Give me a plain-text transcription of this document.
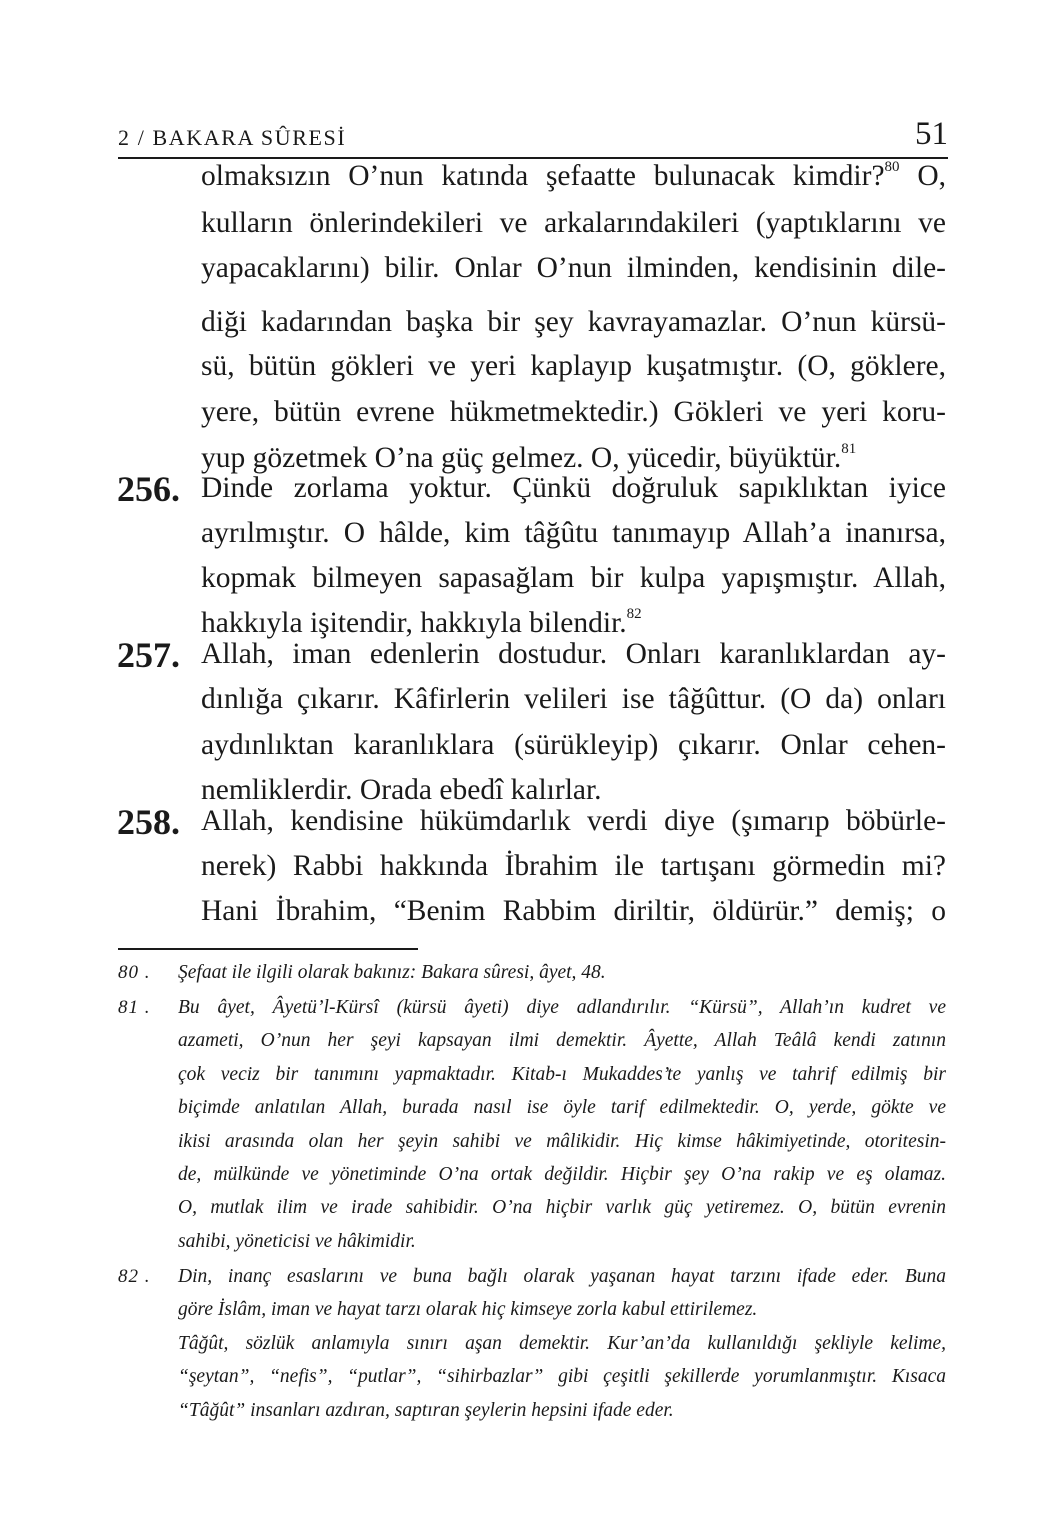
2 / BAKARA SÛRESİ	51
olmaksızın O’nun katında şefaatte bulunacak kimdir?$^{80}$ O,
kulların önlerindekileri ve arkalarındakileri (yaptıklarını ve
yapacaklarını) bilir. Onlar O’nun ilminden, kendisinin dile-
diği kadarından başka bir şey kavrayamazlar. O’nun kürsü-
sü, bütün gökleri ve yeri kaplayıp kuşatmıştır. (O, göklere,
yere, bütün evrene hükmetmektedir.) Gökleri ve yeri koru-
yup gözetmek O’na güç gelmez. O, yücedir, büyüktür.$^{81}$
256. Dinde zorlama yoktur. Çünkü doğruluk sapıklıktan iyice
ayrılmıştır. O hâlde, kim tâğûtu tanımayıp Allah’a inanırsa,
kopmak bilmeyen sapasağlam bir kulpa yapışmıştır. Allah,
hakkıyla işitendir, hakkıyla bilendir.$^{82}$
257. Allah, iman edenlerin dostudur. Onları karanlıklardan ay-
dınlığa çıkarır. Kâfirlerin velileri ise tâğûttur. (O da) onları
aydınlıktan karanlıklara (sürükleyip) çıkarır. Onlar cehen-
nemliklerdir. Orada ebedî kalırlar.
258. Allah, kendisine hükümdarlık verdi diye (şımarıp böbürle-
nerek) Rabbi hakkında İbrahim ile tartışanı görmedin mi?
Hani İbrahim, “Benim Rabbim diriltir, öldürür.” demiş; o
80 . Şefaat ile ilgili olarak bakınız: Bakara sûresi, âyet, 48.
81 . Bu âyet, Âyetü’l-Kürsî (kürsü âyeti) diye adlandırılır. “Kürsü”, Allah’ın kudret ve
azameti, O’nun her şeyi kapsayan ilmi demektir. Âyette, Allah Teâlâ kendi zatının
çok veciz bir tanımını yapmaktadır. Kitab-ı Mukaddes’te yanlış ve tahrif edilmiş bir
biçimde anlatılan Allah, burada nasıl ise öyle tarif edilmektedir. O, yerde, gökte ve
ikisi arasında olan her şeyin sahibi ve mâlikidir. Hiç kimse hâkimiyetinde, otoritesin-
de, mülkünde ve yönetiminde O’na ortak değildir. Hiçbir şey O’na rakip ve eş olamaz.
O, mutlak ilim ve irade sahibidir. O’na hiçbir varlık güç yetiremez. O, bütün evrenin
sahibi, yöneticisi ve hâkimidir.
82 . Din, inanç esaslarını ve buna bağlı olarak yaşanan hayat tarzını ifade eder. Buna
göre İslâm, iman ve hayat tarzı olarak hiç kimseye zorla kabul ettirilemez.
Tâğût, sözlük anlamıyla sınırı aşan demektir. Kur’an’da kullanıldığı şekliyle kelime,
“şeytan”, “nefis”, “putlar”, “sihirbazlar” gibi çeşitli şekillerde yorumlanmıştır. Kısaca
“Tâğût” insanları azdıran, saptıran şeylerin hepsini ifade eder.
